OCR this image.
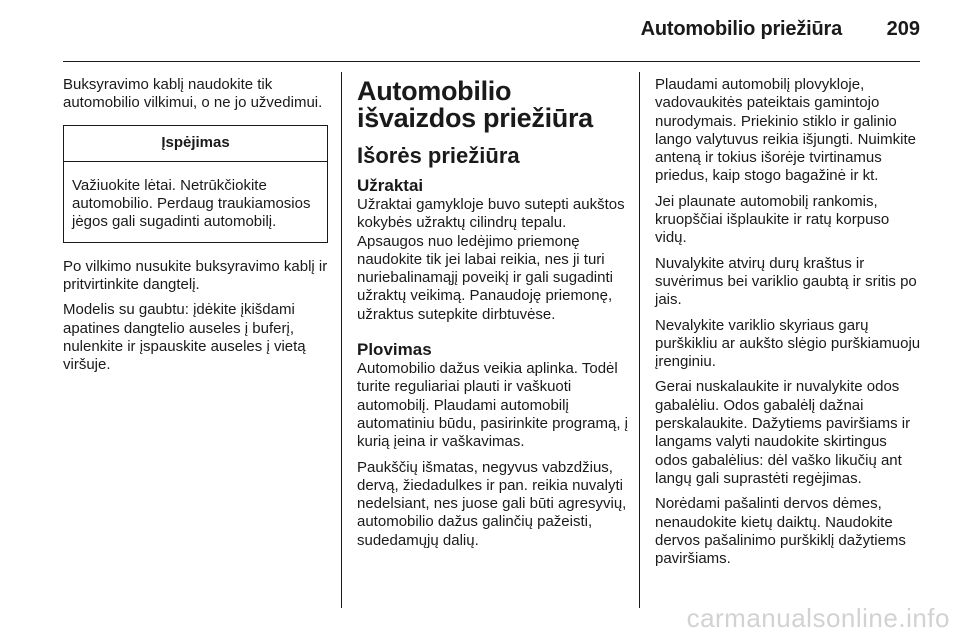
Automobilio priežiūra 209

Buksyravimo kablį naudokite tik automobilio vilkimui, o ne jo užvedimui.

Įspėjimas
Važiuokite lėtai. Netrūkčiokite automobilio. Perdaug traukiamosios jėgos gali sugadinti automobilį.

Po vilkimo nusukite buksyravimo kablį ir pritvirtinkite dangtelį.

Modelis su gaubtu: įdėkite įkišdami apatines dangtelio auseles į buferį, nulenkite ir įspauskite auseles į vietą viršuje.

Automobilio išvaizdos priežiūra
Išorės priežiūra
Užraktai

Užraktai gamykloje buvo sutepti aukštos kokybės užraktų cilindrų tepalu. Apsaugos nuo ledėjimo priemonę naudokite tik jei labai reikia, nes ji turi nuriebalinamąjį poveikį ir gali sugadinti užraktų veikimą. Panaudoję priemonę, užraktus sutepkite dirbtuvėse.

Plovimas

Automobilio dažus veikia aplinka. Todėl turite reguliariai plauti ir vaškuoti automobilį. Plaudami automobilį automatiniu būdu, pasirinkite programą, į kurią įeina ir vaškavimas.

Paukščių išmatas, negyvus vabzdžius, dervą, žiedadulkes ir pan. reikia nuvalyti nedelsiant, nes juose gali būti agresyvių, automobilio dažus galinčių pažeisti, sudedamųjų dalių.

Plaudami automobilį plovykloje, vadovaukitės pateiktais gamintojo nurodymais. Priekinio stiklo ir galinio lango valytuvus reikia išjungti. Nuimkite anteną ir tokius išorėje tvirtinamus priedus, kaip stogo bagažinė ir kt.

Jei plaunate automobilį rankomis, kruopščiai išplaukite ir ratų korpuso vidų.

Nuvalykite atvirų durų kraštus ir suvėrimus bei variklio gaubtą ir sritis po jais.

Nevalykite variklio skyriaus garų purškikliu ar aukšto slėgio purškiamuoju įrenginiu.

Gerai nuskalaukite ir nuvalykite odos gabalėliu. Odos gabalėlį dažnai perskalaukite. Dažytiems paviršiams ir langams valyti naudokite skirtingus odos gabalėlius: dėl vaško likučių ant langų gali suprastėti regėjimas.

Norėdami pašalinti dervos dėmes, nenaudokite kietų daiktų. Naudokite dervos pašalinimo purškiklį dažytiems paviršiams.

carmanualsonline.info
